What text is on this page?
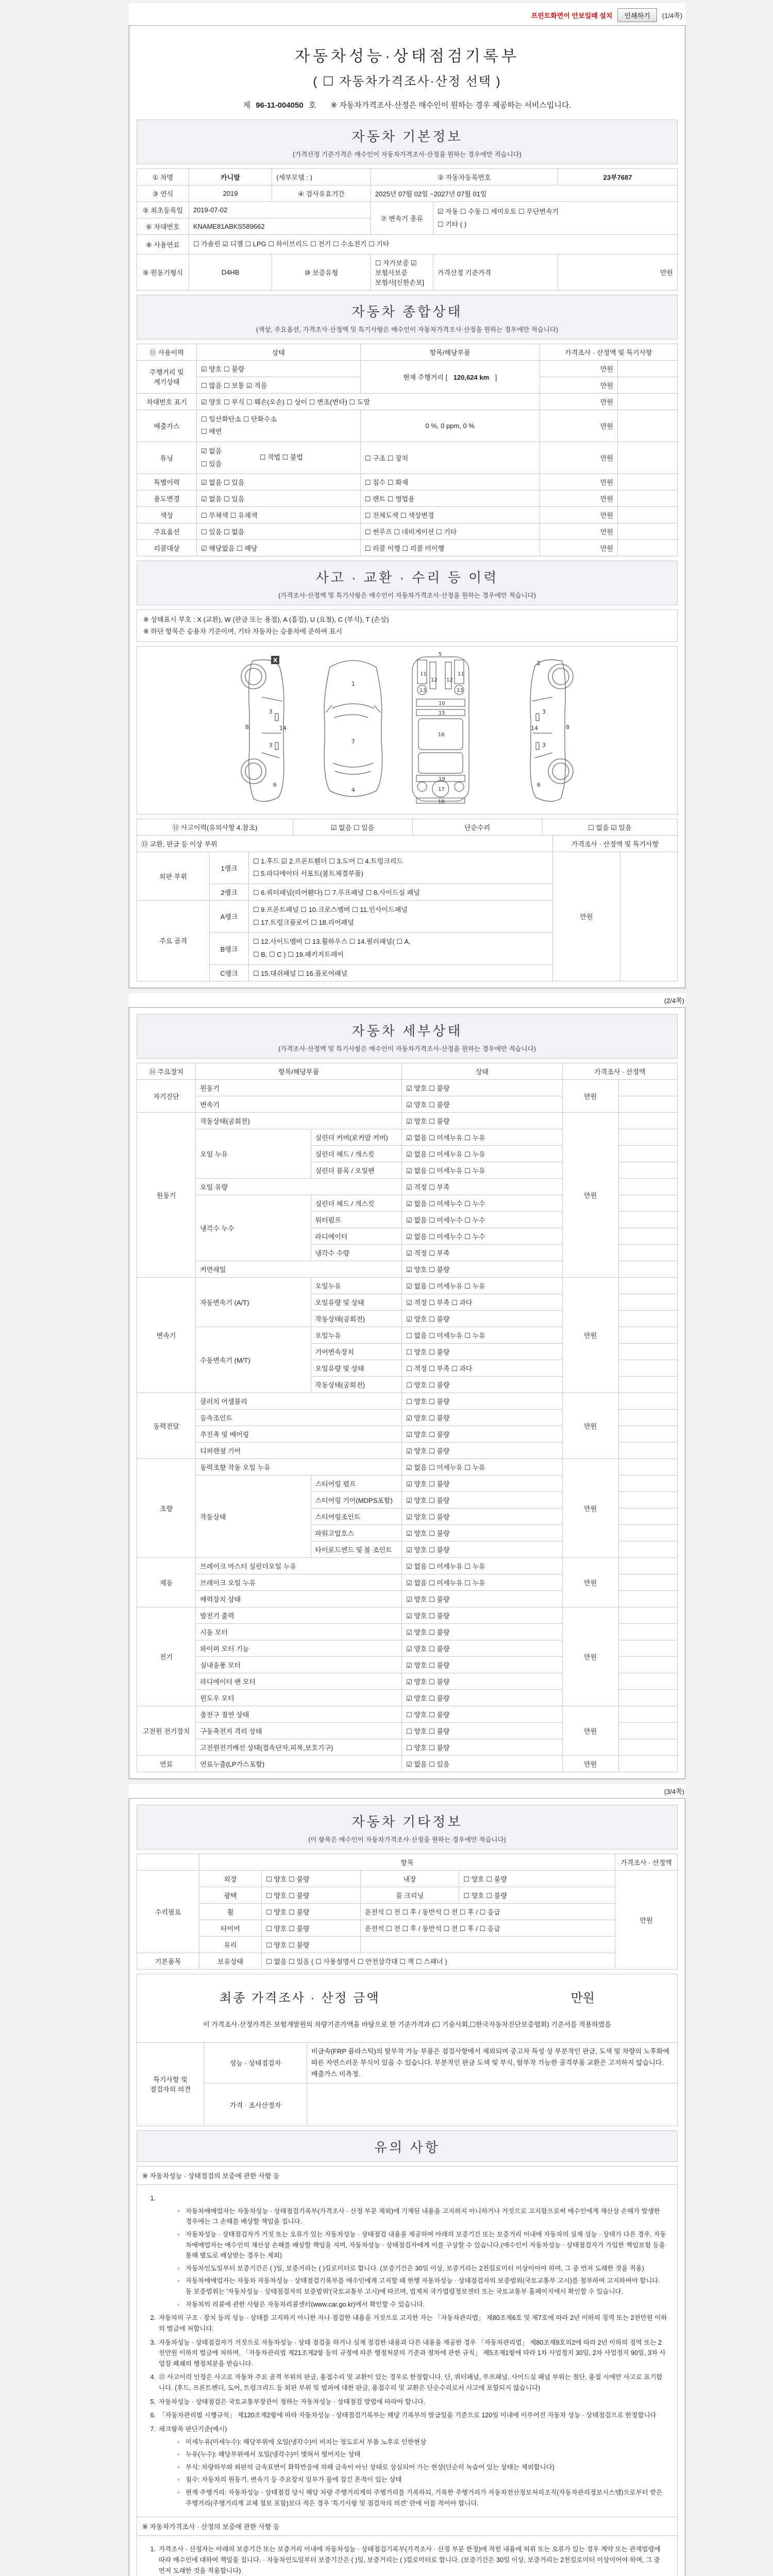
프린트화면이 안보일때 설치	인쇄하기	(1/4쪽)
자동차성능·상태점검기록부
( ☐ 자동차가격조사·산정 선택 )
제 96-11-004050 호 ※ 자동차가격조사·산정은 매수인이 원하는 경우 제공하는 서비스입니다.
자동차 기본정보
(가격산정 기준가격은 매수인이 자동차가격조사·산정을 원하는 경우에만 적습니다)
① 차명	카니발	(세부모델 : )	② 자동차등록번호		23부7687
③ 연식	2019	④ 검사유효기간	2025년 07월 02일 ~2027년 07월 01일		
⑤ 최초등록일	2019-07-02		⑦ 변속기 종류	☑ 자동 ☐ 수동 ☐ 세미오토 ☐ 무단변속기
☐ 기타 ( )	

⑥ 차대번호	KNAME81ABKS589662				
⑧ 사용연료	☐ 가솔린 ☑ 디젤 ☐ LPG ☐ 하이브리드 ☐ 전기 ☐ 수소전기 ☐ 기타				
⑨ 원동기형식	D4HB	⑩ 보증유형	☐ 자가보증 ☑ 보험사보증 보험사[신한손보]	가격산정 기준가격	만원
자동차 종합상태
(색상, 주요옵션, 가격조사·산정액 및 특기사항은 매수인이 자동차가격조사·산정을 원하는 경우에만 적습니다)
⑪ 사용이력	상태	항목/해당부품	가격조사 · 산정액 및 특기사항	
주행거리 및 계기상태	☑ 양호 ☐ 불량	현재 주행거리 [ 120,624 km ]	만원	
	☐ 많음 ☐ 보통 ☑ 적음		만원	
차대번호 표기	☑ 양호 ☐ 부식 ☐ 훼손(오손) ☐ 상이 ☐ 변조(변타) ☐ 도말		만원	
배출가스	☐ 일산화탄소 ☐ 탄화수소
☐ 매연	0 %, 0 ppm, 0 %	만원	
튜닝	☑ 없음
☐ 있음
☐ 적법 ☐ 불법	☐ 구조 ☐ 장치	만원	
특별이력	☑ 없음 ☐ 있음	☐ 침수 ☐ 화재	만원	
용도변경	☑ 없음 ☐ 있음	☐ 렌트 ☐ 영업용	만원	
색상	☐ 무채색 ☐ 유채색	☐ 전체도색 ☐ 색상변경	만원	
주요옵션	☐ 있음 ☐ 없음	☐ 썬루프 ☐ 네비게이션 ☐ 기타	만원	
리콜대상	☑ 해당없음 ☐ 해당	☐ 리콜 이행 ☐ 리콜 미이행	만원	
사고 · 교환 · 수리 등 이력
(가격조사·산정액 및 특기사항은 매수인이 자동차가격조사·산정을 원하는 경우에만 적습니다)
※ 상태표시 부호 : X (교환), W (판금 또는 용접), A (흠집), U (요철), C (부식), T (손상)
※ 하단 항목은 승용차 기준이며, 기타 자동차는 승용차에 준하여 표시
X
3
3
8	14
6
1
7
4
11	11
12 12
13	13
5
10
15
16
19
17
18
2
3
3
8
14
6
⑫ 사고이력(유의사항 4.참조)	☑ 없음 ☐ 있음	단순수리	☐ 없음 ☑ 있음
⑬ 교환, 판금 등 이상 부위			가격조사 · 산정액 및 특기사항	
외판 부위	1랭크	☐ 1.후드 ☑ 2.프론트휀더 ☐ 3.도어 ☐ 4.트렁크리드
☐ 5.라디에이터 서포트(볼트체결부품)	만원	
	2랭크	☐ 6.쿼터패널(리어휀다) ☐ 7.루프패널 ☐ 8.사이드실 패널		
주요 골격	A랭크	☐ 9.프론트패널 ☐ 10.크로스멤버 ☐ 11.인사이드패널
☐ 17.트렁크플로어 ☐ 18.리어패널		

	B랭크	☐ 12.사이드멤버 ☐ 13.휠하우스 ☐ 14.필러패널( ☐ A,
☐ B, ☐ C ) ☐ 19.패키지트레이		

	C랭크	☐ 15.대쉬패널 ☐ 16.플로어패널		
(2/4쪽)
자동차 세부상태
(가격조사·산정액 및 특기사항은 매수인이 자동차가격조사·산정을 원하는 경우에만 적습니다)
⑭ 주요장치	항목/해당부품		상태	가격조사 · 산정액	
자기진단	원동기		☑ 양호 ☐ 불량	만원	
	변속기		☑ 양호 ☐ 불량		
원동기	작동상태(공회전)		☑ 양호 ☐ 불량	만원	
	오일 누유	실린더 커버(로커암 커버)	☑ 없음 ☐ 미세누유 ☐ 누유		
		실린더 헤드 / 개스킷	☑ 없음 ☐ 미세누유 ☐ 누유		
		실린더 블록 / 오일팬	☑ 없음 ☐ 미세누유 ☐ 누유		
	오일 유량		☑ 적정 ☐ 부족		
	냉각수 누수	실린더 헤드 / 개스킷	☑ 없음 ☐ 미세누수 ☐ 누수		
		워터펌프	☑ 없음 ☐ 미세누수 ☐ 누수		
		라디에이터	☑ 없음 ☐ 미세누수 ☐ 누수		
		냉각수 수량	☑ 적정 ☐ 부족		
	커먼레일		☑ 양호 ☐ 불량		
변속기	자동변속기 (A/T)	오일누유	☑ 없음 ☐ 미세누유 ☐ 누유	만원	
		오일유량 및 상태	☑ 적정 ☐ 부족 ☐ 과다		
		작동상태(공회전)	☑ 양호 ☐ 불량		
	수동변속기 (M/T)	오일누유	☐ 없음 ☐ 미세누유 ☐ 누유		
		기어변속장치	☐ 양호 ☐ 불량		
		오일유량 및 상태	☐ 적정 ☐ 부족 ☐ 과다		
		작동상태(공회전)	☐ 양호 ☐ 불량		
동력전달	클러치 어셈블리		☐ 양호 ☐ 불량	만원	
	등속조인트		☑ 양호 ☐ 불량		
	추진축 및 베어링		☑ 양호 ☐ 불량		
	디퍼렌셜 기어		☑ 양호 ☐ 불량		
조향	동력조향 작동 오일 누유		☑ 없음 ☐ 미세누유 ☐ 누유	만원	
	작동상태	스티어링 펌프	☑ 양호 ☐ 불량		
		스티어링 기어(MDPS포함)	☑ 양호 ☐ 불량		
		스티어링조인트	☑ 양호 ☐ 불량		
		파워고압호스	☑ 양호 ☐ 불량		
		타이로드엔드 및 볼 조인트	☑ 양호 ☐ 불량		
제동	브레이크 마스터 실린더오일 누유		☑ 없음 ☐ 미세누유 ☐ 누유	만원	
	브레이크 오일 누유		☑ 없음 ☐ 미세누유 ☐ 누유		
	배력장치 상태		☑ 양호 ☐ 불량		
전기	발전기 출력		☑ 양호 ☐ 불량	만원	
	시동 모터		☑ 양호 ☐ 불량		
	와이퍼 모터 기능		☑ 양호 ☐ 불량		
	실내송풍 모터		☑ 양호 ☐ 불량		
	라디에이터 팬 모터		☑ 양호 ☐ 불량		
	윈도우 모터		☑ 양호 ☐ 불량		
고전원 전기장치	충전구 절연 상태		☐ 양호 ☐ 불량	만원	
	구동축전지 격리 상태		☐ 양호 ☐ 불량		
	고전원전기배선 상태(접속단자,피복,보호기구)		☐ 양호 ☐ 불량		
연료	연료누출(LP가스포함)		☑ 없음 ☐ 있음	만원	
(3/4쪽)
자동차 기타정보
(이 항목은 매수인이 자동차가격조사·산정을 원하는 경우에만 적습니다)
	항목				가격조사 · 산정액
수리필요	외장	☐ 양호 ☐ 불량	내장	☐ 양호 ☐ 불량	만원
	광택	☐ 양호 ☐ 불량	룸 크리닝	☐ 양호 ☐ 불량	
	휠	☐ 양호 ☐ 불량	운전석 ☐ 전 ☐ 후 / 동반석 ☐ 전 ☐ 후 / ☐ 응급		
	타이어	☐ 양호 ☐ 불량	운전석 ☐ 전 ☐ 후 / 동반석 ☐ 전 ☐ 후 / ☐ 응급		
	유리	☐ 양호 ☐ 불량			
기본품목	보유상태	☐ 없음 ☐ 있음 ( ☐ 사용설명서 ☐ 안전삼각대 ☐ 잭 ☐ 스패너 )			
최종 가격조사 · 산정 금액	만원
이 가격조사·산정가격은 보험개발원의 차량기준가액을 바탕으로 한 기준가격과 (☐ 기술사회,☐한국자동차진단보증협회) 기준서를 적용하였음
특기사항 및 점검자의 의견	성능 · 상태점검자	비금속(FRP 플라스틱)의 탈부착 가능 부품은 점검사항에서 제외되며 중고차 특성 상 부분적인 판금, 도색 및 차량의 노후화에 따른 자연스러운 부식이 있을 수 있습니다. 부분적인 판금 도색 및 부식, 탈부착 가능한 골격부품 교환은 고지하지 않습니다. 배출가스 미측정.
	가격 · 조사산정자	
유의 사항
※ 자동차성능 · 상태점검의 보증에 관한 사항 등
1.
◦ 자동차매매업자는 자동차성능 · 상태점검기록부(가격조사 · 산정 부분 제외)에 기재된 내용을 고지하지 아니하거나 거짓으로 고지함으로써 매수인에게 재산상 손해가 발생한 경우에는 그 손해를 배상할 책임을 집니다.
◦ 자동차성능 · 상태점검자가 거짓 또는 오류가 있는 자동차성능 · 상태점검 내용을 제공하여 아래의 보증기간 또는 보증거리 이내에 자동차의 실제 성능 · 상태가 다른 경우, 자동차매매업자는 매수인의 재산상 손해를 배상할 책임을 지며, 자동차성능 · 상태점검자에게 이를 구상할 수 있습니다.(매수인이 자동차성능 · 상태점검자가 가입한 책임보험 등을 통해 별도로 배상받는 경우는 제외)
◦ 자동차인도일부터 보증기간은 ( )일, 보증거리는 ( )킬로미터로 합니다. (보증기간은 30일 이상, 보증거리는 2천킬로미터 이상이어야 하며, 그 중 먼저 도래한 것을 적용)
◦ 자동차매매업자는 자동차 자동차성능 · 상태점검기록부를 매수인에게 고지할 때 현행 자동차성능 · 상태점검자의 보증범위(국토교통부 고시)를 첨부하여 고지하여야 합니다. 동 보증범위는 '자동차성능 · 상태점검자의 보증범위'(국토교통부 고시)에 따르며, 법제처 국가법령정보센터 또는 국토교통부 홈페이지에서 확인할 수 있습니다.
◦ 자동차의 리콜에 관한 사항은 자동차리콜센터(www.car.go.kr)에서 확인할 수 있습니다.
2. 자동차의 구조 · 장치 등의 성능 · 상태를 고지하지 아니한 자나 점검한 내용을 거짓으로 고지한 자는 「자동차관리법」 제80조제6호 및 제7호에 따라 2년 이하의 징역 또는 2천만원 이하의 벌금에 처합니다.
3. 자동차성능 · 상태점검자가 거짓으로 자동차성능 · 상태 점검을 하거나 실제 점검한 내용과 다른 내용을 제공한 경우 「자동차관리법」 제80조제9호의2에 따라 2년 이하의 징역 또는 2천만원 이하의 벌금에 처하며, 「자동차관리법 제21조제2항 등의 규정에 따른 행정처분의 기준과 절차에 관한 규칙」 제5조제1항에 따라 1차 사업정지 30일, 2차 사업정지 90일, 3차 사업장 폐쇄의 행정처분을 받습니다.
4. ⑫ 사고이력 인정은 사고로 자동차 주요 골격 부위의 판금, 용접수리 및 교환이 있는 경우로 한정합니다. 단, 쿼터패널, 루프패널, 사이드실 패널 부위는 절단, 용접 시에만 사고로 표기합니다. (후드, 프론트펜더, 도어, 트렁크리드 등 외판 부위 및 범퍼에 대한 판금, 용접수리 및 교환은 단순수리로서 사고에 포함되지 않습니다)
5. 자동차성능 · 상태점검은 국토교통부장관이 정하는 자동차성능 · 상태점검 방법에 따라야 합니다.
6. 「자동차관리법 시행규칙」 제120조제2항에 따라 자동차성능 · 상태점검기록부는 해당 기록부의 발급일을 기준으로 120일 이내에 이루어진 자동차 성능 · 상태점검으로 한정합니다
7. 체크항목 판단기준(예시)
◦ 미세누유(미세누수): 해당부위에 오일(냉각수)이 비치는 정도로서 부품 노후로 인한현상
◦ 누유(누수): 해당부위에서 오일(냉각수)이 맺혀서 떨어지는 상태
◦ 부식: 차량하부와 외판의 금속표면이 화학반응에 의해 금속이 아닌 상태로 상실되어 가는 현상(단순히 녹슬어 있는 상태는 제외합니다)
◦ 침수: 자동차의 원동기, 변속기 등 주요장치 일부가 물에 잠긴 흔적이 있는 상태
◦ 현재 주행거리: 자동차성능 · 상태점검 당시 해당 차량 주행거리계의 주행거리를 기록하되, 기록한 주행거리가 자동차전산정보처리조직(자동차관리정보시스템)으로부터 받은 주행거리(주행거리계 교체 정보 포함)보다 적은 경우 '특기사항 및 점검자의 의견' 란에 이를 적어야 합니다.
※ 자동차가격조사 · 산정의 보증에 관한 사항 등
1. 가격조사 · 산정자는 아래의 보증기간 또는 보증거리 이내에 자동차성능 · 상태점검기록부(가격조사 · 산정 부분 한정)에 적힌 내용에 허위 또는 오류가 있는 경우 계약 또는 관계법령에 따라 매수인에 대하여 책임을 집니다. · 자동차인도일부터 보증기간은 ( )일, 보증거리는 ( )킬로미터로 합니다. (보증기간은 30일 이상, 보증거리는 2천킬로미터 이상이어야 하며, 그 중 먼저 도래한 것을 적용합니다)
